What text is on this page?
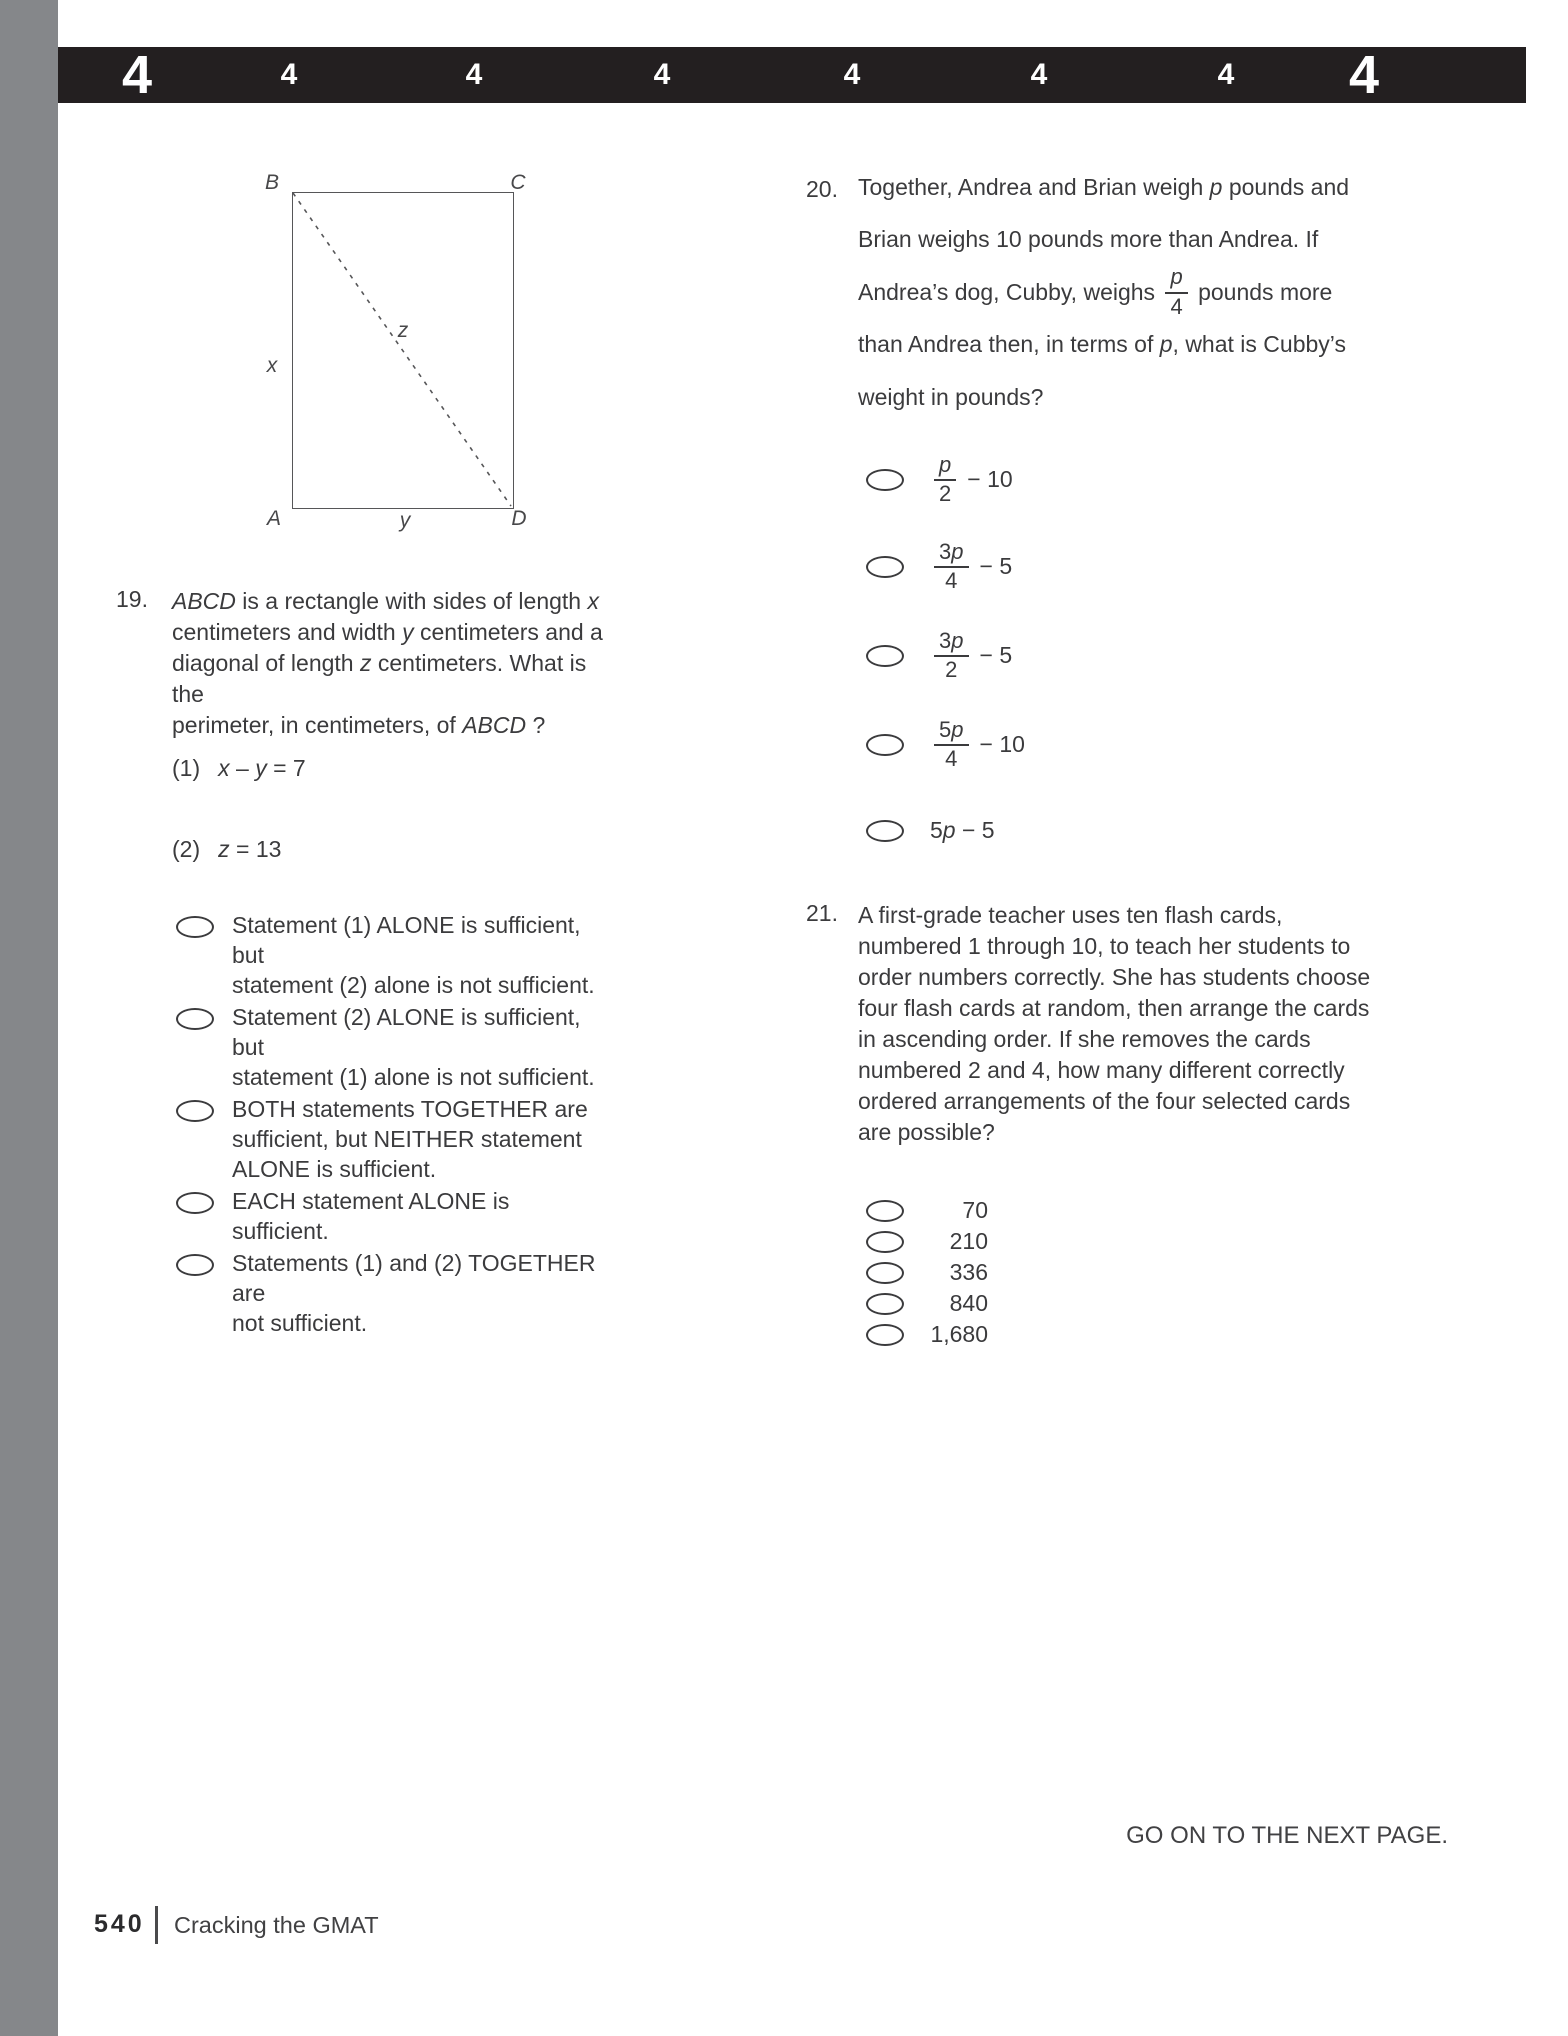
4	4	4	4	4	4	4 4
B	C
A	D
x
y
z
19. ABCD is a rectangle with sides of length x
centimeters and width y centimeters and a
diagonal of length z centimeters. What is the
perimeter, in centimeters, of ABCD ?
(1) x – y = 7
(2) z = 13
Statement (1) ALONE is sufficient, but
statement (2) alone is not sufficient.
Statement (2) ALONE is sufficient, but
statement (1) alone is not sufficient.
BOTH statements TOGETHER are
sufficient, but NEITHER statement
ALONE is sufficient.
EACH statement ALONE is sufficient.
Statements (1) and (2) TOGETHER are
not sufficient.
20. Together, Andrea and Brian weigh p pounds and
Brian weighs 10 pounds more than Andrea. If
Andrea’s dog, Cubby, weighs $\frac{p}{4}$ pounds more
than Andrea then, in terms of p , what is Cubby’s
weight in pounds?
$\frac{p}{2} - 10$
$\frac{3p}{4} - 5$
$\frac{3p}{2} - 5$
$\frac{5p}{4} - 10$
5p − 5
21. A first-grade teacher uses ten flash cards,
numbered 1 through 10, to teach her students to
order numbers correctly. She has students choose
four flash cards at random, then arrange the cards
in ascending order. If she removes the cards
numbered 2 and 4, how many different correctly
ordered arrangements of the four selected cards
are possible?
70
210
336
840
1,680
GO ON TO THE NEXT PAGE.
540 Cracking the GMAT
